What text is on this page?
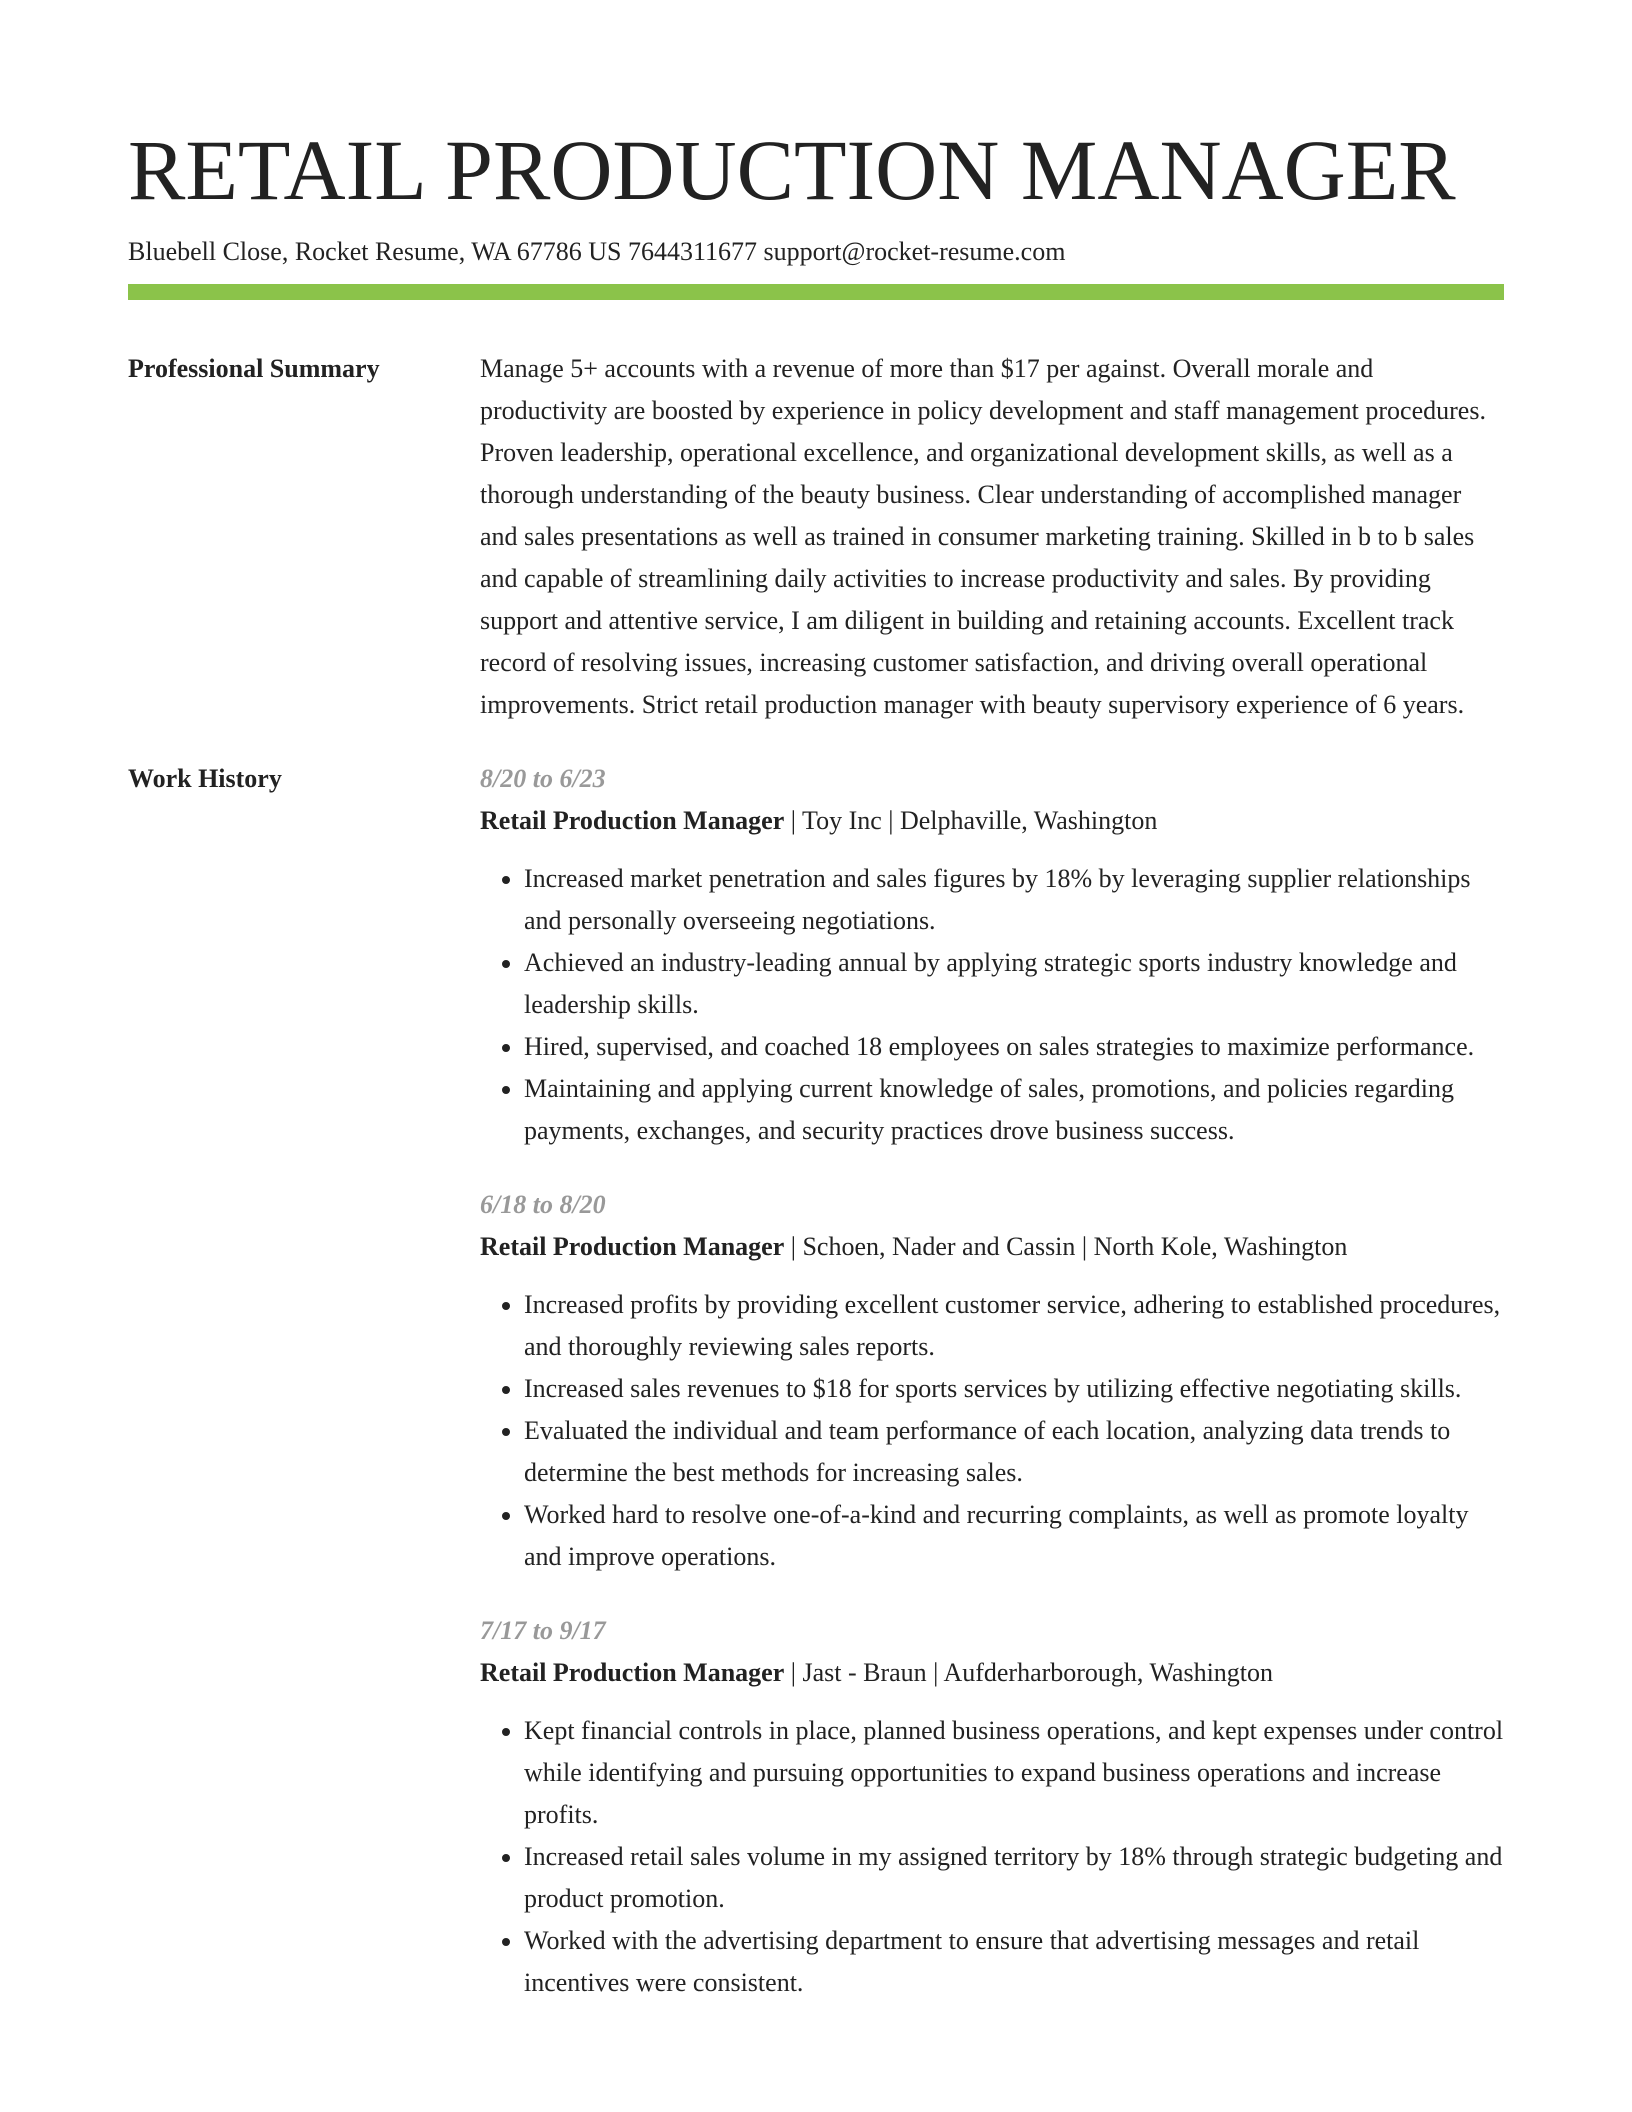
RETAIL PRODUCTION MANAGER
Bluebell Close, Rocket Resume, WA 67786 US 7644311677 support@rocket-resume.com
Professional Summary	Manage 5+ accounts with a revenue of more than $17 per against. Overall morale and productivity are boosted by experience in policy development and staff management procedures. Proven leadership, operational excellence, and organizational development skills, as well as a thorough understanding of the beauty business. Clear understanding of accomplished manager and sales presentations as well as trained in consumer marketing training. Skilled in b to b sales and capable of streamlining daily activities to increase productivity and sales. By providing support and attentive service, I am diligent in building and retaining accounts. Excellent track record of resolving issues, increasing customer satisfaction, and driving overall operational improvements. Strict retail production manager with beauty supervisory experience of 6 years.

Work History	8/20 to 6/23
Retail Production Manager | Toy Inc | Delphaville, Washington
• Increased market penetration and sales figures by 18% by leveraging supplier relationships and personally overseeing negotiations.
• Achieved an industry-leading annual by applying strategic sports industry knowledge and leadership skills.
• Hired, supervised, and coached 18 employees on sales strategies to maximize performance.
• Maintaining and applying current knowledge of sales, promotions, and policies regarding payments, exchanges, and security practices drove business success.
6/18 to 8/20
Retail Production Manager | Schoen, Nader and Cassin | North Kole, Washington
• Increased profits by providing excellent customer service, adhering to established procedures, and thoroughly reviewing sales reports.
• Increased sales revenues to $18 for sports services by utilizing effective negotiating skills.
• Evaluated the individual and team performance of each location, analyzing data trends to determine the best methods for increasing sales.
• Worked hard to resolve one-of-a-kind and recurring complaints, as well as promote loyalty and improve operations.
7/17 to 9/17
Retail Production Manager | Jast - Braun | Aufderharborough, Washington
• Kept financial controls in place, planned business operations, and kept expenses under control while identifying and pursuing opportunities to expand business operations and increase profits.
• Increased retail sales volume in my assigned territory by 18% through strategic budgeting and product promotion.
• Worked with the advertising department to ensure that advertising messages and retail incentives were consistent.
